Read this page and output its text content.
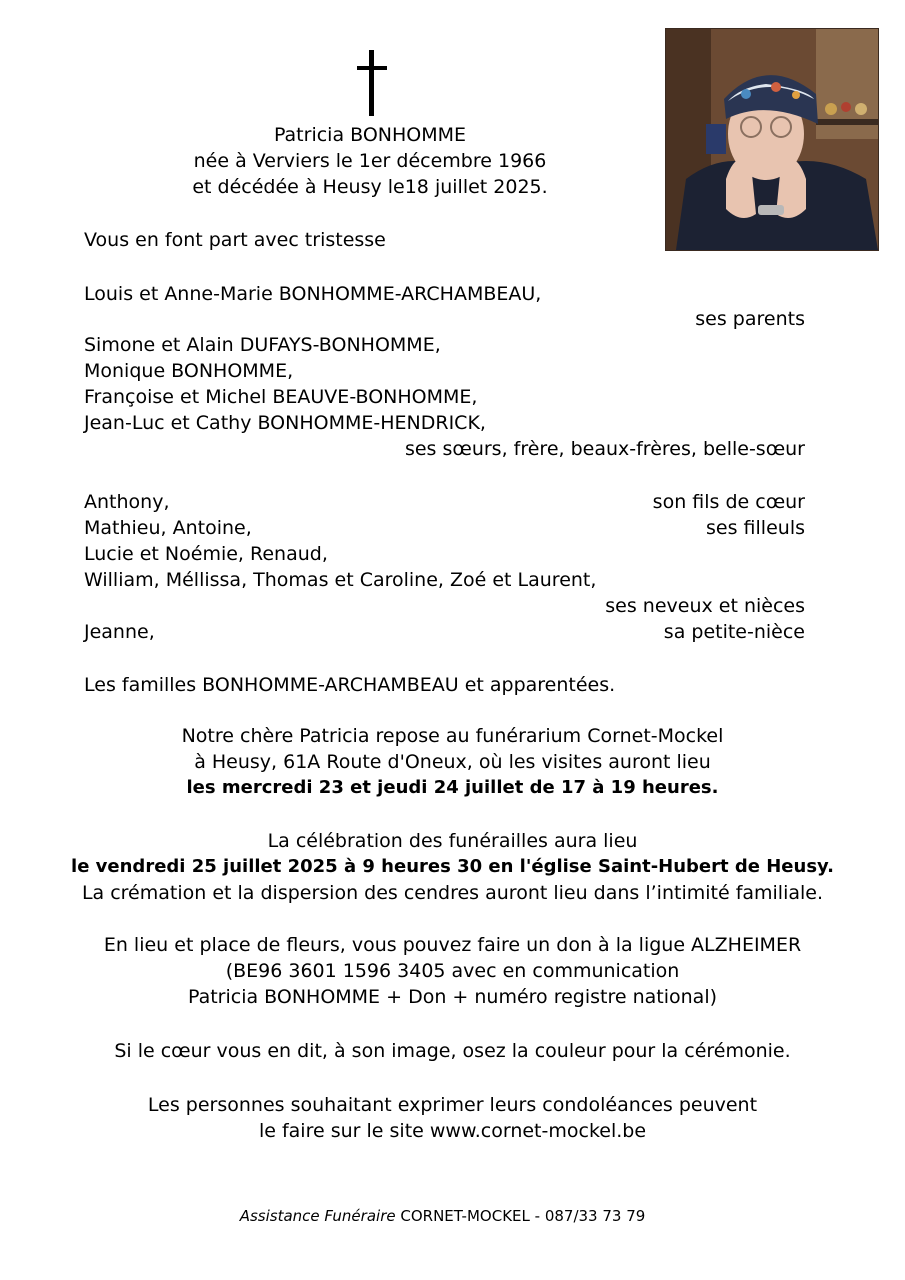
Patricia BONHOMME
née à Verviers le 1er décembre 1966
et décédée à Heusy le18 juillet 2025.
Vous en font part avec tristesse
Louis et Anne-Marie BONHOMME-ARCHAMBEAU,
ses parents
Simone et Alain DUFAYS-BONHOMME,
Monique BONHOMME,
Françoise et Michel BEAUVE-BONHOMME,
Jean-Luc et Cathy BONHOMME-HENDRICK,
ses sœurs, frère, beaux-frères, belle-sœur
Anthony,	son fils de cœur
Mathieu, Antoine,	ses filleuls
Lucie et Noémie, Renaud,
William, Méllissa, Thomas et Caroline, Zoé et Laurent,
ses neveux et nièces
Jeanne,	sa petite-nièce
Les familles BONHOMME-ARCHAMBEAU et apparentées.
Notre chère Patricia repose au funérarium Cornet-Mockel
à Heusy, 61A Route d'Oneux, où les visites auront lieu
les mercredi 23 et jeudi 24 juillet de 17 à 19 heures.
La célébration des funérailles aura lieu
le vendredi 25 juillet 2025 à 9 heures 30 en l'église Saint-Hubert de Heusy.
La crémation et la dispersion des cendres auront lieu dans l’intimité familiale.
En lieu et place de fleurs, vous pouvez faire un don à la ligue ALZHEIMER
(BE96 3601 1596 3405 avec en communication
Patricia BONHOMME + Don + numéro registre national)
Si le cœur vous en dit, à son image, osez la couleur pour la cérémonie.
Les personnes souhaitant exprimer leurs condoléances peuvent
le faire sur le site www.cornet-mockel.be
Assistance Funéraire CORNET-MOCKEL - 087/33 73 79
